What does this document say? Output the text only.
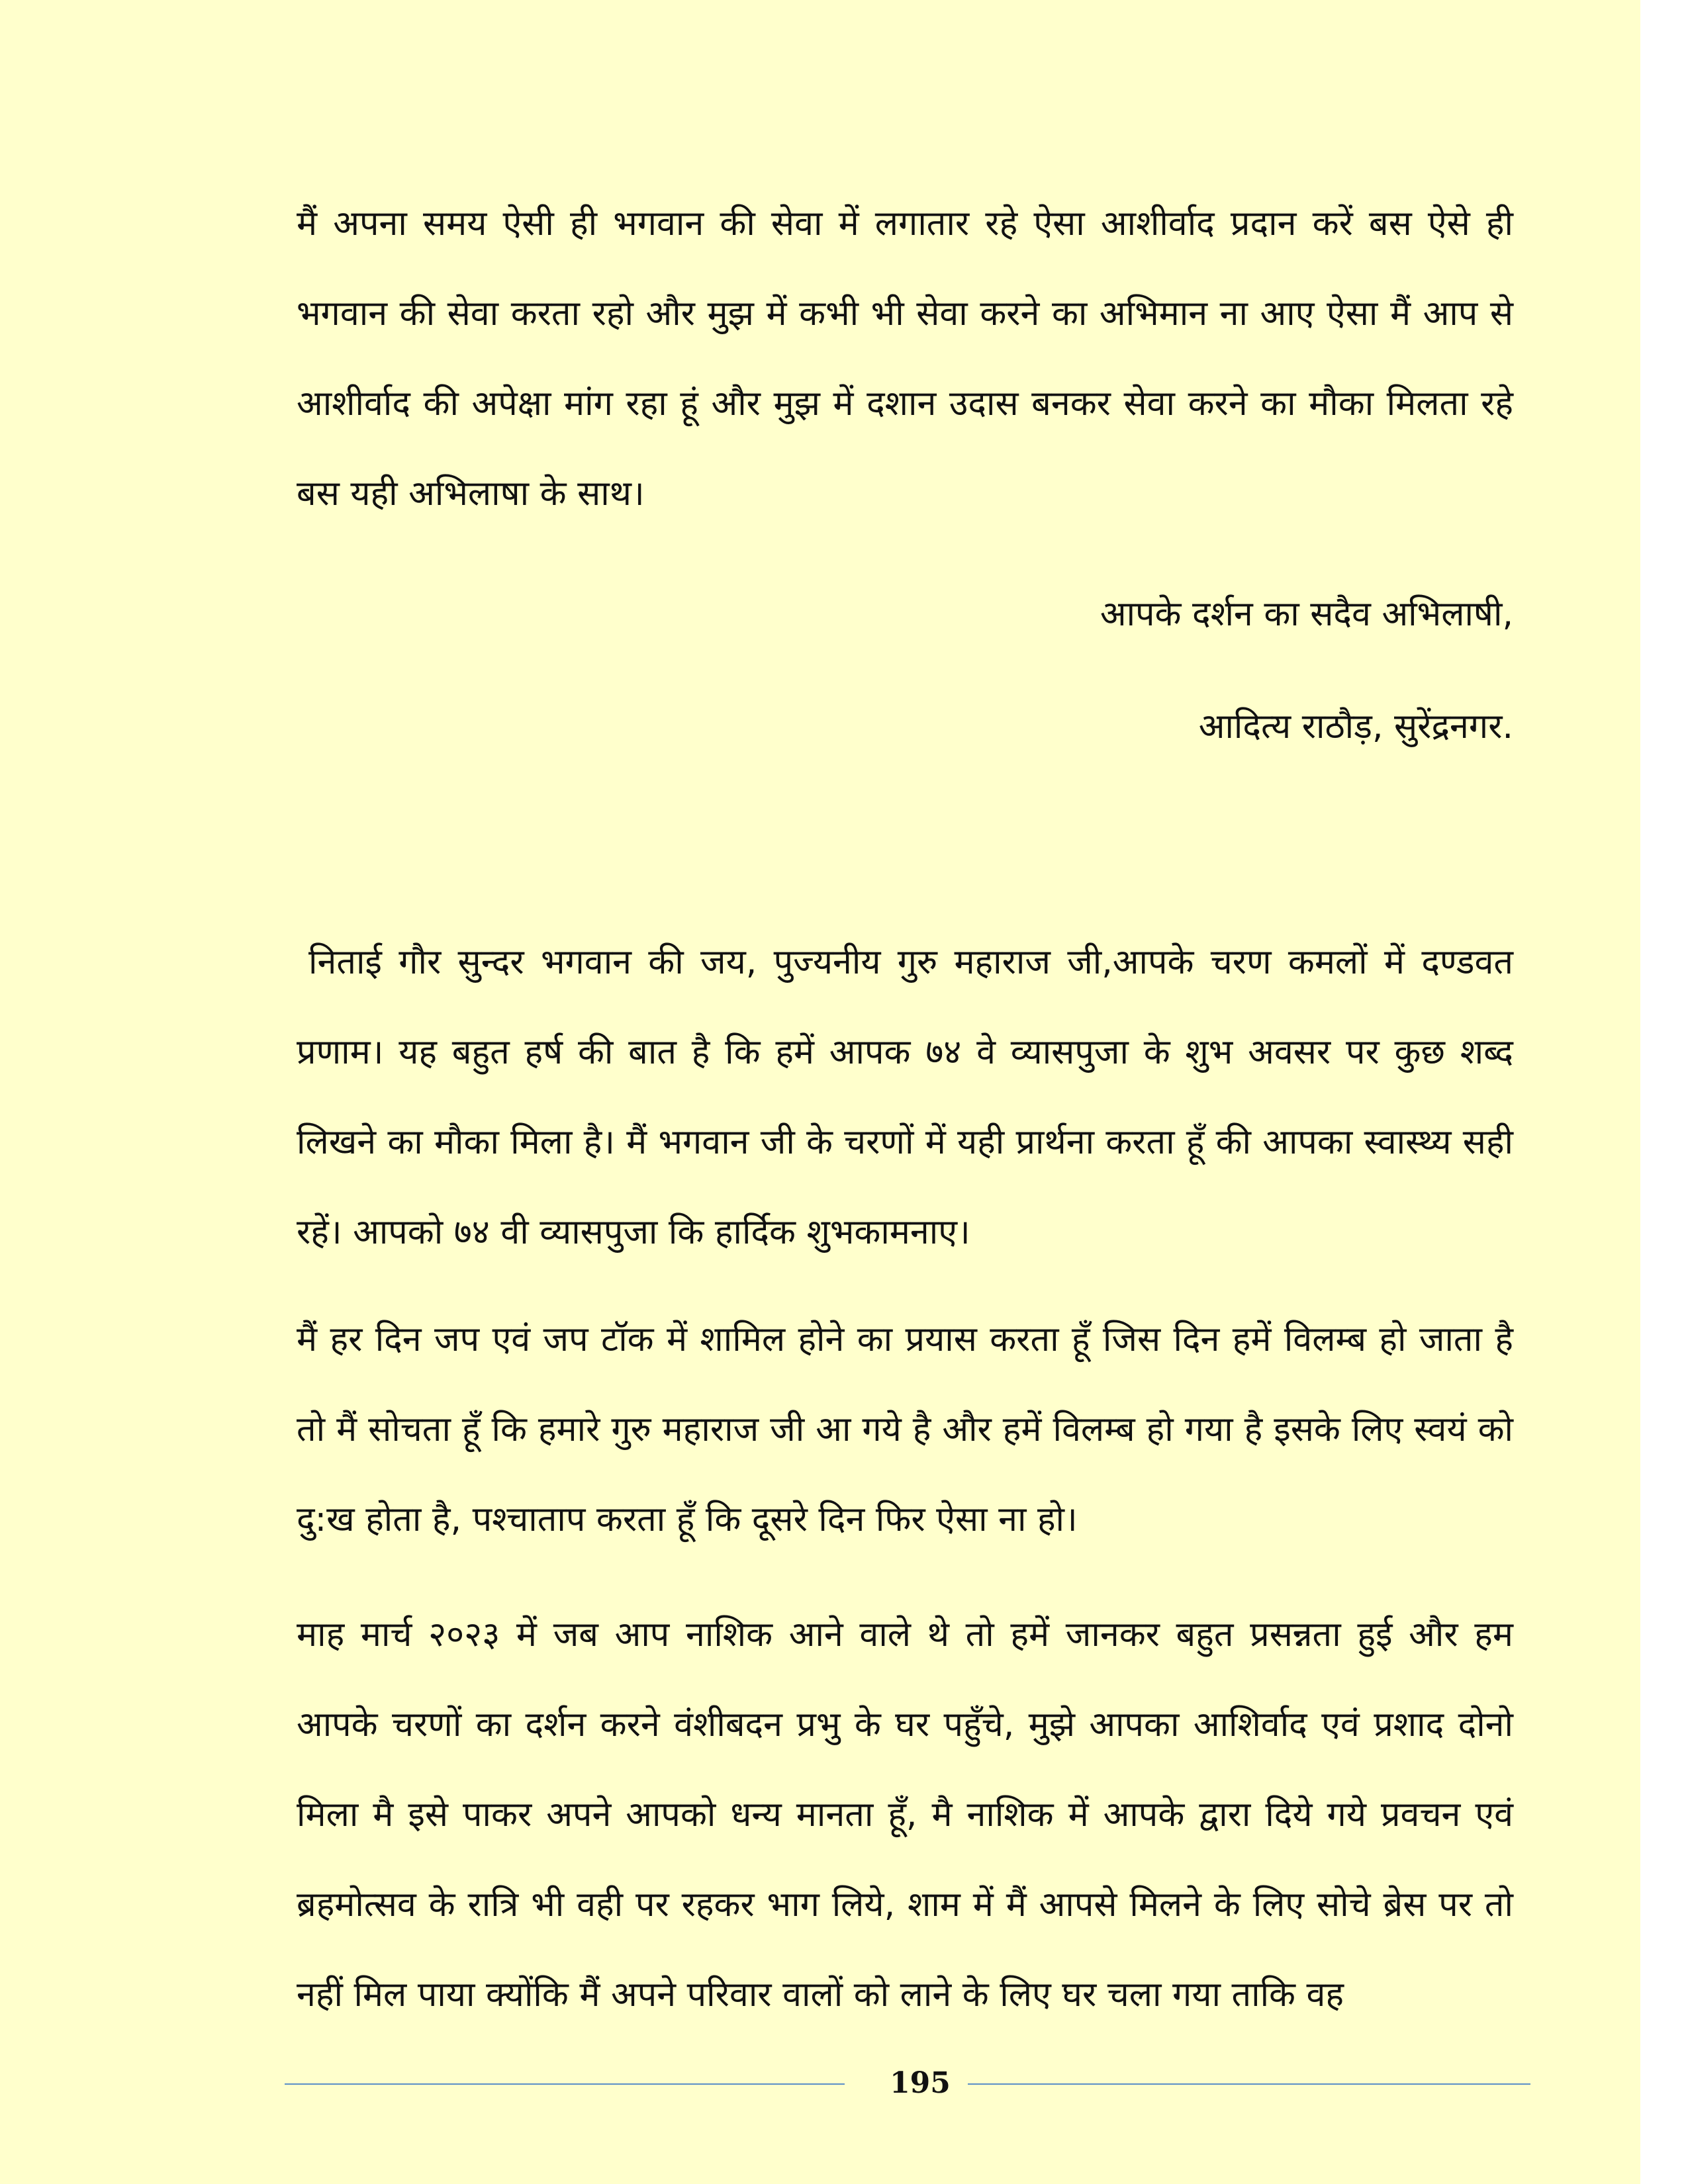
मैं अपना समय ऐसी ही भगवान की सेवा में लगातार रहे ऐसा आशीर्वाद प्रदान करें बस ऐसे ही भगवान की सेवा करता रहो और मुझ में कभी भी सेवा करने का अभिमान ना आए ऐसा मैं आप से आशीर्वाद की अपेक्षा मांग रहा हूं और मुझ में दशान उदास बनकर सेवा करने का मौका मिलता रहे बस यही अभिलाषा के साथ।

आपके दर्शन का सदैव अभिलाषी,

आदित्य राठौड़, सुरेंद्रनगर.

निताई गौर सुन्दर भगवान की जय, पुज्यनीय गुरु महाराज जी,आपके चरण कमलों में दण्डवत प्रणाम। यह बहुत हर्ष की बात है कि हमें आपक ७४ वे व्यासपुजा के शुभ अवसर पर कुछ शब्द लिखने का मौका मिला है। मैं भगवान जी के चरणों में यही प्रार्थना करता हूँ की आपका स्वास्थ्य सही रहें। आपको ७४ वी व्यासपुजा कि हार्दिक शुभकामनाए।

मैं हर दिन जप एवं जप टॉक में शामिल होने का प्रयास करता हूँ जिस दिन हमें विलम्ब हो जाता है तो मैं सोचता हूँ कि हमारे गुरु महाराज जी आ गये है और हमें विलम्ब हो गया है इसके लिए स्वयं को दु:ख होता है, पश्चाताप करता हूँ कि दूसरे दिन फिर ऐसा ना हो।

माह मार्च २०२३ में जब आप नाशिक आने वाले थे तो हमें जानकर बहुत प्रसन्नता हुई और हम आपके चरणों का दर्शन करने वंशीबदन प्रभु के घर पहुँचे, मुझे आपका आशिर्वाद एवं प्रशाद दोनो मिला मै इसे पाकर अपने आपको धन्य मानता हूँ, मै नाशिक में आपके द्वारा दिये गये प्रवचन एवं ब्रहमोत्सव के रात्रि भी वही पर रहकर भाग लिये, शाम में मैं आपसे मिलने के लिए सोचे ब्रेस पर तो नहीं मिल पाया क्योंकि मैं अपने परिवार वालों को लाने के लिए घर चला गया ताकि वह

195
